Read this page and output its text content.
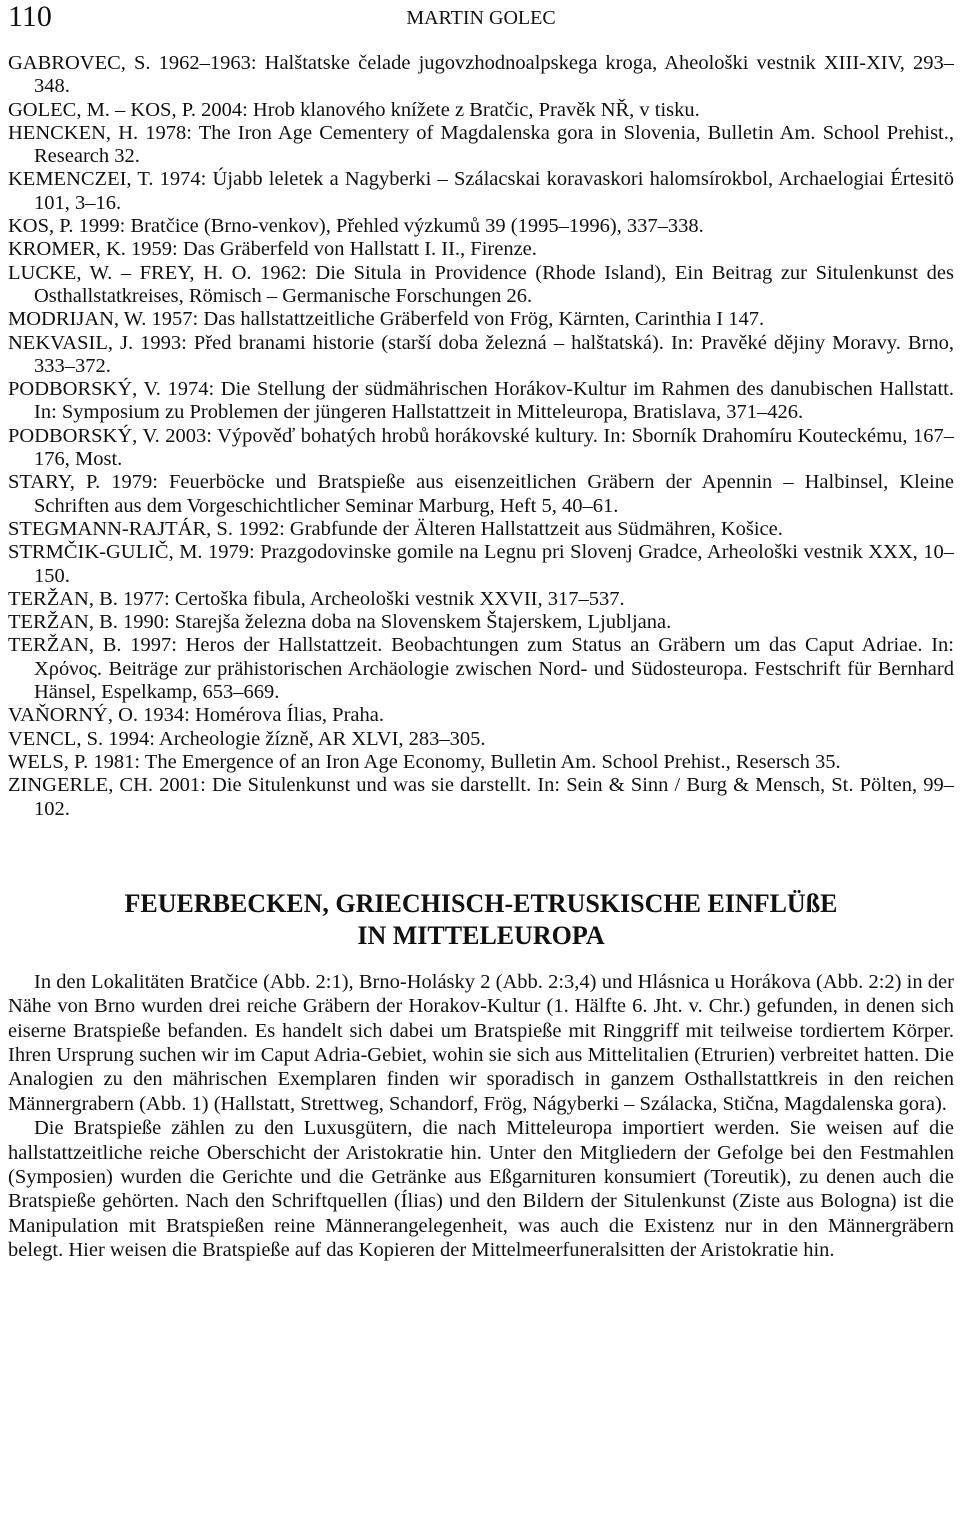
110	MARTIN GOLEC

GABROVEC, S. 1962–1963: Halštatske čelade jugovzhodnoalpskega kroga, Aheološki vestnik XIII-XIV, 293–348.

GOLEC, M. – KOS, P. 2004: Hrob klanového knížete z Bratčic, Pravěk NŘ, v tisku.

HENCKEN, H. 1978: The Iron Age Cementery of Magdalenska gora in Slovenia, Bulletin Am. School Prehist., Research 32.

KEMENCZEI, T. 1974: Újabb leletek a Nagyberki – Szálacskai koravaskori halomsírokbol, Archaelogiai Értesitö 101, 3–16.

KOS, P. 1999: Bratčice (Brno-venkov), Přehled výzkumů 39 (1995–1996), 337–338.

KROMER, K. 1959: Das Gräberfeld von Hallstatt I. II., Firenze.

LUCKE, W. – FREY, H. O. 1962: Die Situla in Providence (Rhode Island), Ein Beitrag zur Situlenkunst des Osthallstatkreises, Römisch – Germanische Forschungen 26.

MODRIJAN, W. 1957: Das hallstattzeitliche Gräberfeld von Frög, Kärnten, Carinthia I 147.

NEKVASIL, J. 1993: Před branami historie (starší doba železná – halštatská). In: Pravěké dějiny Moravy. Brno, 333–372.

PODBORSKÝ, V. 1974: Die Stellung der südmährischen Horákov-Kultur im Rahmen des danubischen Hallstatt. In: Symposium zu Problemen der jüngeren Hallstattzeit in Mitteleuropa, Bratislava, 371–426.

PODBORSKÝ, V. 2003: Výpověď bohatých hrobů horákovské kultury. In: Sborník Drahomíru Kouteckému, 167–176, Most.

STARY, P. 1979: Feuerböcke und Bratspieße aus eisenzeitlichen Gräbern der Apennin – Halbinsel, Kleine Schriften aus dem Vorgeschichtlicher Seminar Marburg, Heft 5, 40–61.

STEGMANN-RAJTÁR, S. 1992: Grabfunde der Älteren Hallstattzeit aus Südmähren, Košice.

STRMČIK-GULIČ, M. 1979: Prazgodovinske gomile na Legnu pri Slovenj Gradce, Arheološki vestnik XXX, 10–150.

TERŽAN, B. 1977: Certoška fibula, Archeološki vestnik XXVII, 317–537.

TERŽAN, B. 1990: Starejša železna doba na Slovenskem Štajerskem, Ljubljana.

TERŽAN, B. 1997: Heros der Hallstattzeit. Beobachtungen zum Status an Gräbern um das Caput Adriae. In: Χρόνος. Beiträge zur prähistorischen Archäologie zwischen Nord- und Südosteuropa. Festschrift für Bernhard Hänsel, Espelkamp, 653–669.

VAŇORNÝ, O. 1934: Homérova Ílias, Praha.

VENCL, S. 1994: Archeologie žízně, AR XLVI, 283–305.

WELS, P. 1981: The Emergence of an Iron Age Economy, Bulletin Am. School Prehist., Resersch 35.

ZINGERLE, CH. 2001: Die Situlenkunst und was sie darstellt. In: Sein & Sinn / Burg & Mensch, St. Pölten, 99–102.

FEUERBECKEN, GRIECHISCH-ETRUSKISCHE EINFLÜßE
IN MITTELEUROPA

In den Lokalitäten Bratčice (Abb. 2:1), Brno-Holásky 2 (Abb. 2:3,4) und Hlásnica u Horákova (Abb. 2:2) in der Nähe von Brno wurden drei reiche Gräbern der Horakov-Kultur (1. Hälfte 6. Jht. v. Chr.) gefunden, in denen sich eiserne Bratspieße befanden. Es handelt sich dabei um Bratspieße mit Ringgriff mit teilweise tordiertem Körper. Ihren Ursprung suchen wir im Caput Adria-Gebiet, wohin sie sich aus Mittelitalien (Etrurien) verbreitet hatten. Die Analogien zu den mährischen Exemplaren finden wir sporadisch in ganzem Osthallstattkreis in den reichen Männergrabern (Abb. 1) (Hallstatt, Strettweg, Schandorf, Frög, Nágyberki – Szálacka, Stična, Magdalenska gora).

Die Bratspieße zählen zu den Luxusgütern, die nach Mitteleuropa importiert werden. Sie weisen auf die hallstattzeitliche reiche Oberschicht der Aristokratie hin. Unter den Mitgliedern der Gefolge bei den Festmahlen (Symposien) wurden die Gerichte und die Getränke aus Eßgarnituren konsumiert (Toreutik), zu denen auch die Bratspieße gehörten. Nach den Schriftquellen (Ílias) und den Bildern der Situlenkunst (Ziste aus Bologna) ist die Manipulation mit Bratspießen reine Männerangelegenheit, was auch die Existenz nur in den Männergräbern belegt. Hier weisen die Bratspieße auf das Kopieren der Mittelmeerfuneralsitten der Aristokratie hin.
